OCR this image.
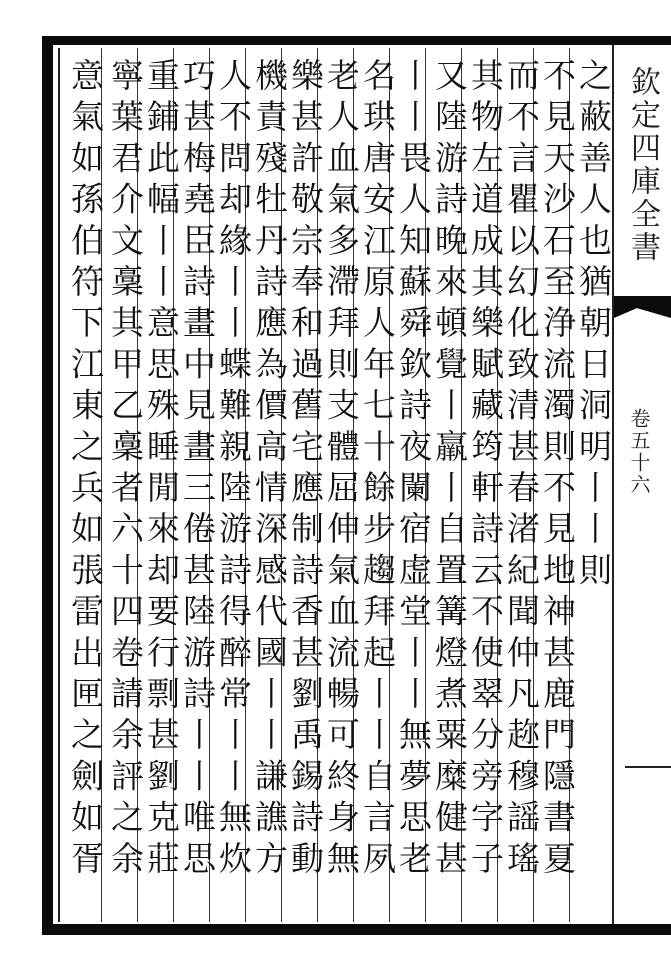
欽定四庫全書
卷五十六
之蔽善人也猶朝日洞明丨丨則
不見天沙石至浄流濁則不見地神甚鹿門隱書夏
而不言瞿以幻化致清甚春渚紀聞仲凡趂穆謡瑤
其物左道成其樂賦藏筠軒詩云不使翠分旁字子
又陸游詩晚來頓覺丨羸丨自置篝燈煮粟糜健甚
丨丨畏人知蘇舜欽詩夜闌宿虚堂丨丨無夢思老
名珙唐安江原人年七十餘步趨拜起丨丨自言夙
老人血氣多滯拜則支體屈伸氣血流暢可終身無
樂甚許敬宗奉和過舊宅應制詩香甚劉禹錫詩動
機責殘牡丹詩應為價高情深感代國丨丨謙譙方
人不問却緣丨丨蝶難親陸游詩得醉常丨丨無炊
巧甚梅堯臣詩畫中見畫三倦甚陸游詩丨丨唯思
重鋪此幅丨丨意思殊睡閒來却要行剽甚劉克莊
寧葉君介文稾其甲乙稾者六十四卷請余評之余
意氣如孫伯符下江東之兵如張雷出匣之劍如胥
